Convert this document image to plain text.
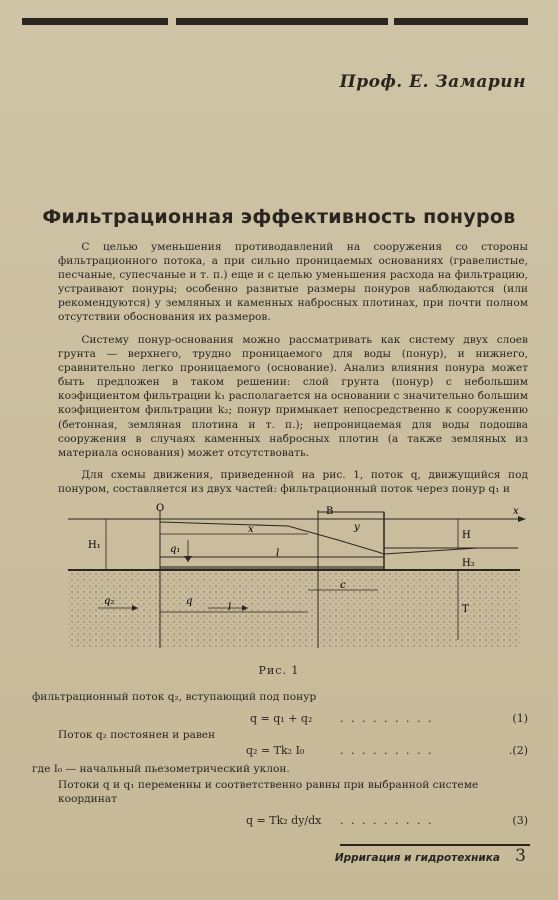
Проф. Е. Замарин
Фильтрационная эффективность понуров

С целью уменьшения противодавлений на сооружения со стороны фильтрационного потока, а при сильно проницаемых основаниях (гравелистые, песчаные, супесчаные и т. п.) еще и с целью уменьшения расхода на фильтрацию, устраивают понуры; особенно развитые размеры понуров наблюдаются (или рекомендуются) у земляных и каменных набросных плотинах, при почти полном отсутствии обоснования их размеров.

Систему понур-основания можно рассматривать как систему двух слоев грунта — верхнего, трудно проницаемого для воды (понур), и нижнего, сравнительно легко проницаемого (основание). Анализ влияния понура может быть предложен в таком решении: слой грунта (понур) с небольшим коэфициентом фильтрации k₁ располагается на основании с значительно большим коэфициентом фильтрации k₂; понур примыкает непосредственно к сооружению (бетонная, земляная плотина и т. п.); непроницаемая для воды подошва сооружения в случаях каменных набросных плотин (а также земляных из материала основания) может отсутствовать.

Для схемы движения, приведенной на рис. 1, поток q, движущийся под понуром, составляется из двух частей: фильтрационный поток через понур q₁ и

O	B	x
x	y
H₁
H
H₂
T
q₁
q₂	q
l
l
c
Рис. 1
фильтрационный поток q₂, вступающий под понур
q = q₁ + q₂	. . . . . . . . .	(1)
Поток q₂ постоянен и равен
q₂ = Tk₂ I₀	. . . . . . . . .	.(2)
где I₀ — начальный пьезометрический уклон.
Потоки q и q₁ переменны и соответственно равны при выбранной системе координат
q = Tk₂ dy/dx . . . . . . . . .	(3)
Ирригация и гидротехника 3
